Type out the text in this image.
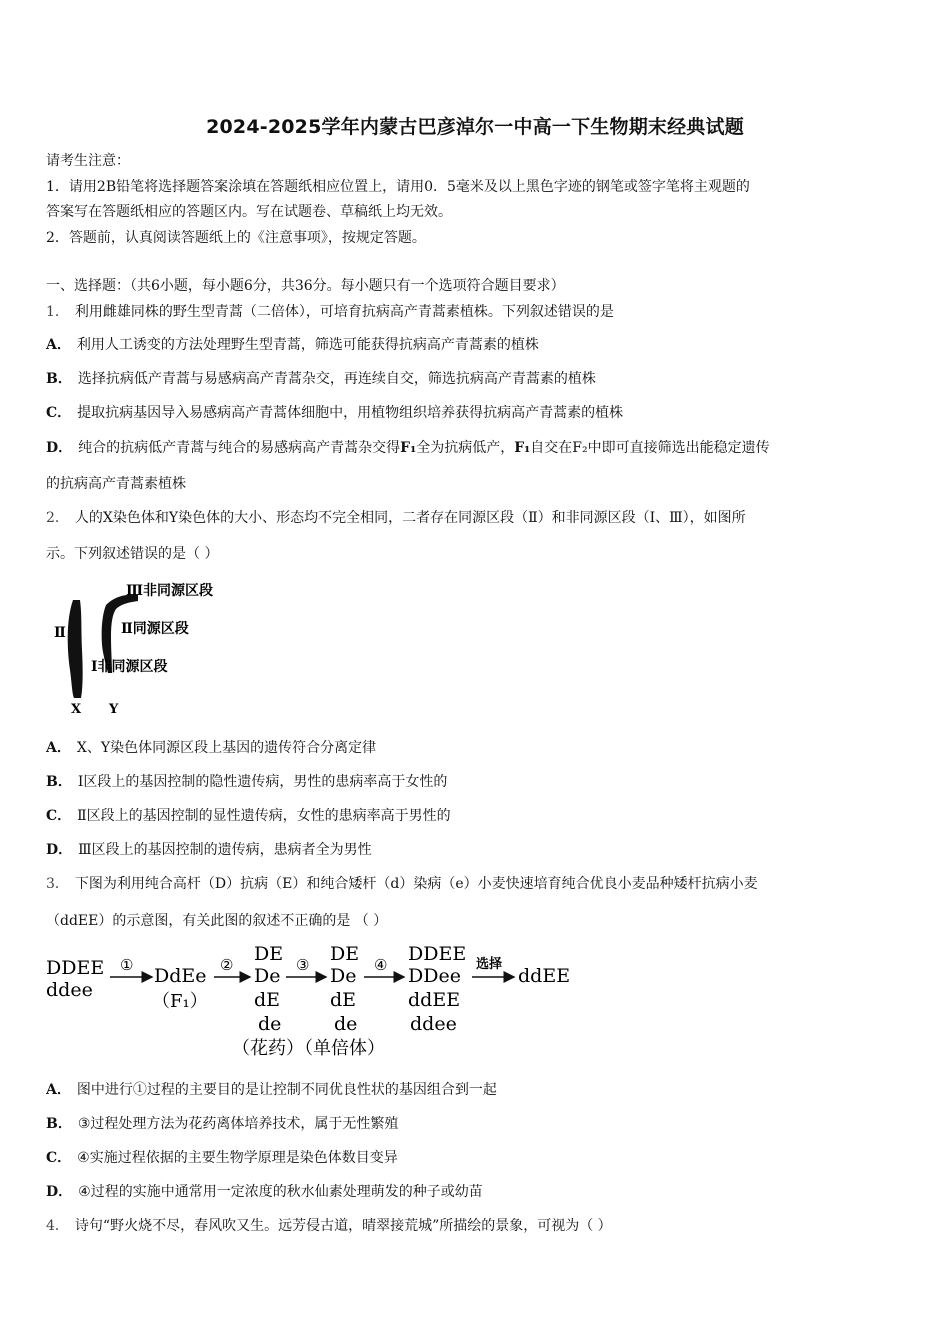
2024-2025学年内蒙古巴彦淖尔一中高一下生物期末经典试题
请考生注意：
1．请用2B铅笔将选择题答案涂填在答题纸相应位置上，请用0．5毫米及以上黑色字迹的钢笔或签字笔将主观题的
答案写在答题纸相应的答题区内。写在试题卷、草稿纸上均无效。
2．答题前，认真阅读答题纸上的《注意事项》，按规定答题。
一、选择题：（共6小题，每小题6分，共36分。每小题只有一个选项符合题目要求）
1． 利用雌雄同株的野生型青蒿（二倍体），可培育抗病高产青蒿素植株。下列叙述错误的是
A． 利用人工诱变的方法处理野生型青蒿，筛选可能获得抗病高产青蒿素的植株
B． 选择抗病低产青蒿与易感病高产青蒿杂交，再连续自交，筛选抗病高产青蒿素的植株
C． 提取抗病基因导入易感病高产青蒿体细胞中，用植物组织培养获得抗病高产青蒿素的植株
D． 纯合的抗病低产青蒿与纯合的易感病高产青蒿杂交得F₁全为抗病低产，F₁自交在F₂中即可直接筛选出能稳定遗传
的抗病高产青蒿素植株
2． 人的X染色体和Y染色体的大小、形态均不完全相同，二者存在同源区段（Ⅱ）和非同源区段（Ⅰ、Ⅲ），如图所
示。下列叙述错误的是（ ）
Ⅱ
Ⅲ非同源区段
Ⅱ同源区段
Ⅰ非同源区段
X Y
A． X、Y染色体同源区段上基因的遗传符合分离定律
B． Ⅰ区段上的基因控制的隐性遗传病，男性的患病率高于女性的
C． Ⅱ区段上的基因控制的显性遗传病，女性的患病率高于男性的
D． Ⅲ区段上的基因控制的遗传病，患病者全为男性
3． 下图为利用纯合高杆（D）抗病（E）和纯合矮杆（d）染病（e）小麦快速培育纯合优良小麦品种矮杆抗病小麦
（ddEE）的示意图，有关此图的叙述不正确的是 （ ）
DDEE
ddee
① DdEe
（F₁）
② DE
De
dE
de
③ DE
De
dE
de
④ DDEE
DDee
ddEE
ddee
选择
ddEE
（花药）（单倍体）
A． 图中进行①过程的主要目的是让控制不同优良性状的基因组合到一起
B． ③过程处理方法为花药离体培养技术，属于无性繁殖
C． ④实施过程依据的主要生物学原理是染色体数目变异
D． ④过程的实施中通常用一定浓度的秋水仙素处理萌发的种子或幼苗
4． 诗句“野火烧不尽，春风吹又生。远芳侵古道，晴翠接荒城”所描绘的景象，可视为（ ）
